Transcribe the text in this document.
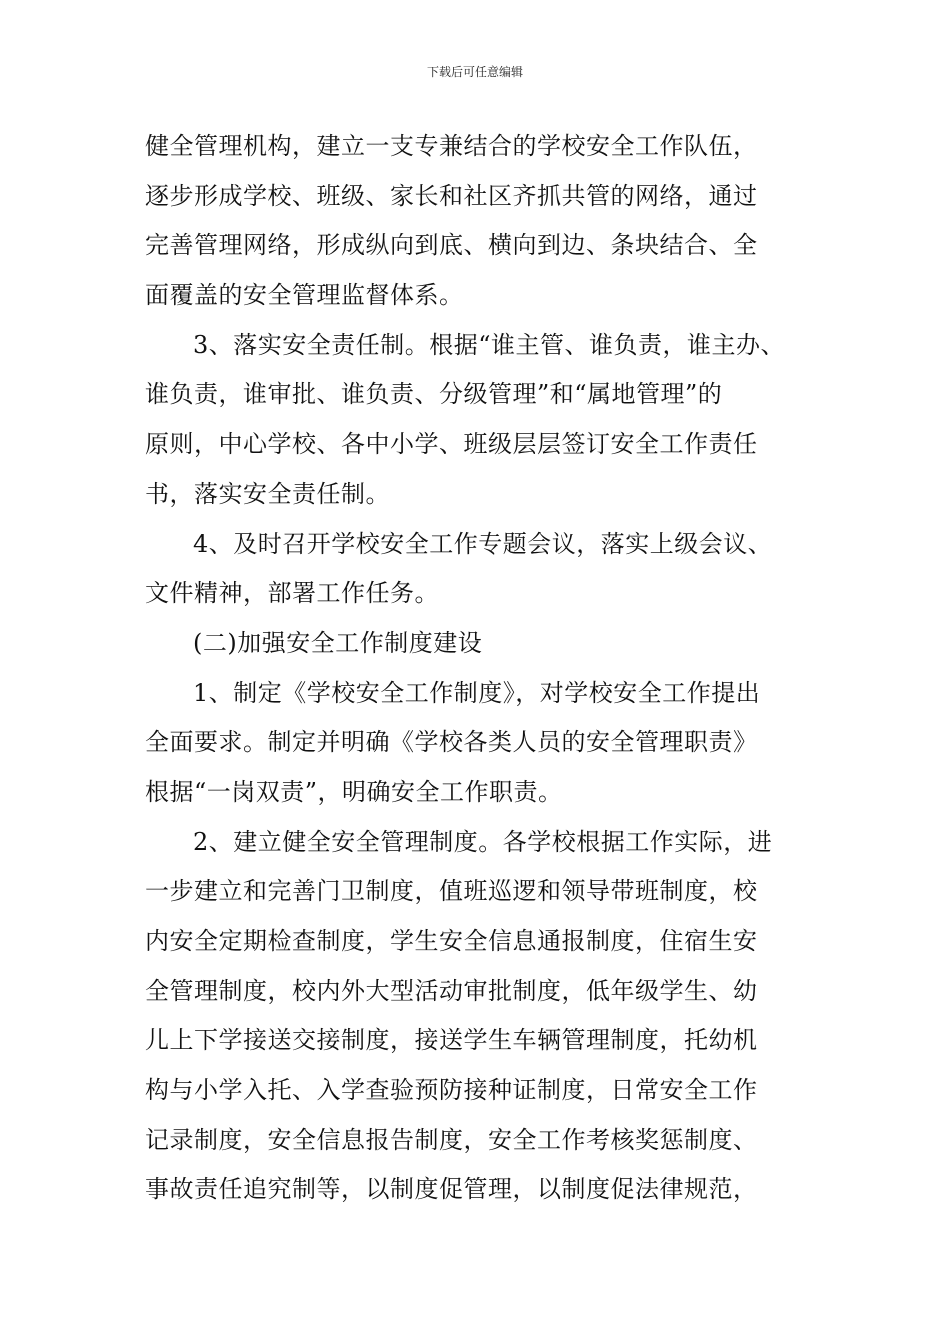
下载后可任意编辑
健全管理机构，建立一支专兼结合的学校安全工作队伍，
逐步形成学校、班级、家长和社区齐抓共管的网络，通过
完善管理网络，形成纵向到底、横向到边、条块结合、全
面覆盖的安全管理监督体系。
3、落实安全责任制。根据“谁主管、谁负责，谁主办、
谁负责，谁审批、谁负责、分级管理”和“属地管理”的
原则，中心学校、各中小学、班级层层签订安全工作责任
书，落实安全责任制。
4、及时召开学校安全工作专题会议，落实上级会议、
文件精神，部署工作任务。
(二)加强安全工作制度建设
1、制定《学校安全工作制度》，对学校安全工作提出
全面要求。制定并明确《学校各类人员的安全管理职责》
根据“一岗双责”，明确安全工作职责。
2、建立健全安全管理制度。各学校根据工作实际，进
一步建立和完善门卫制度，值班巡逻和领导带班制度，校
内安全定期检查制度，学生安全信息通报制度，住宿生安
全管理制度，校内外大型活动审批制度，低年级学生、幼
儿上下学接送交接制度，接送学生车辆管理制度，托幼机
构与小学入托、入学查验预防接种证制度，日常安全工作
记录制度，安全信息报告制度，安全工作考核奖惩制度、
事故责任追究制等，以制度促管理，以制度促法律规范，
